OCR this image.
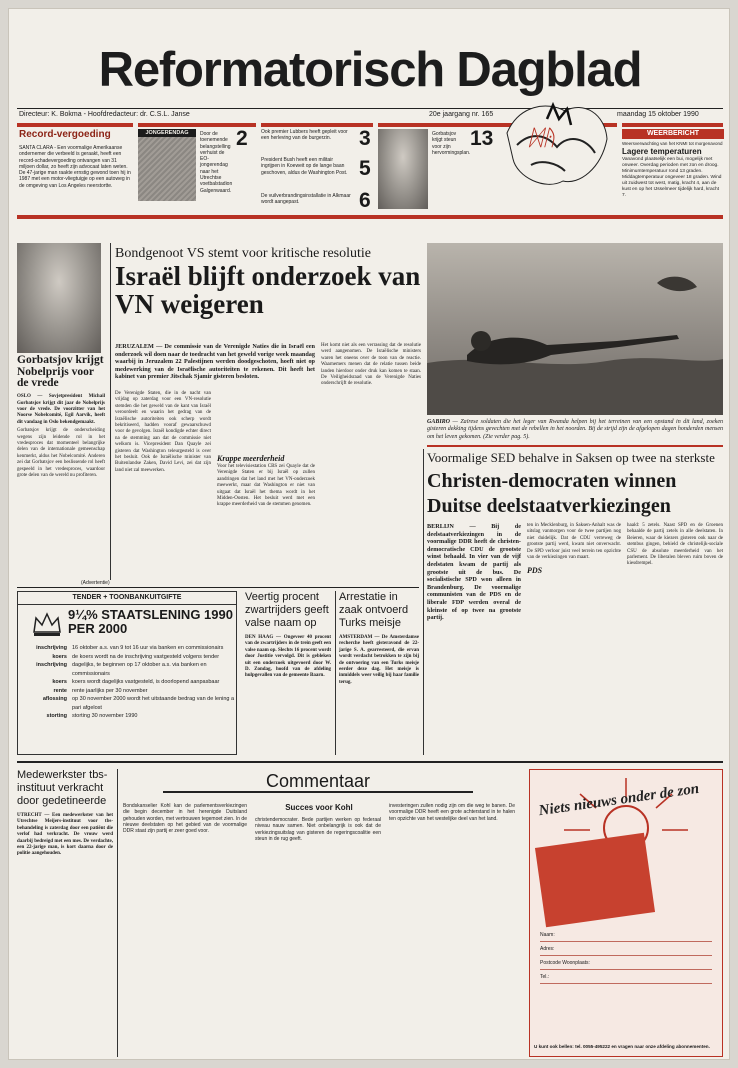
Reformatorisch Dagblad
Directeur: K. Bokma - Hoofdredacteur: dr. C.S.L. Janse	20e jaargang nr. 165	maandag 15 oktober 1990
Record-vergoeding
SANTA CLARA - Een voormalige Amerikaanse ondernemer die verbeeld is geraakt, heeft een record-schadevergoeding ontvangen van 31 miljoen dollar, zo heeft zijn advocaat laten weten. De 47-jarige man raakte ernstig gewond toen hij in 1987 met een motor-vliegtuigje op een autoweg in de omgeving van Los Angeles neerstortte.
JONGERENDAG	2
Door de toenemende belangstelling verhuist de EO-jongerendag naar het Utrechtse voetbalstadion Galgenwaard.
Ook premier Lubbers heeft gepleit voor een herleving van de burgerzin.	3
President Bush heeft een militair ingrijpen in Koeweit op de lange baan geschoven, aldus de Washington Post. 5
De vuilverbrandingsinstallatie in Alkmaar wordt aangepast.	6
Gorbatsjov krijgt steun voor zijn hervormingsplan.
13 ᛞᚤ	WEERBERICHT
Weersverwachting van het KNMI tot morgenavond
Lagere temperaturen
Vanavond plaatselijk een bui, mogelijk met onweer. Overdag perioden met zon en droog. Minimumtemperatuur rond 13 graden. Middagtemperatuur ongeveer 18 graden. Wind uit zuidwest tot west, matig, kracht 4, aan de kust en op het IJsselmeer tijdelijk hard, kracht 7.
Gorbatsjov krijgt Nobelprijs voor de vrede
OSLO — Sovjetpresident Michail Gorbatsjov krijgt dit jaar de Nobelprijs voor de vrede. De voorzitter van het Noorse Nobelcomité, Egil Aarvik, heeft dit vandaag in Oslo bekendgemaakt.
Gorbatsjov krijgt de onderscheiding wegens zijn leidende rol in het vredesproces dat momenteel belangrijke delen van de internationale gemeenschap kenmerkt, aldus het Nobelcomité. Anderen zei dat Gorbatsjov een beslissende rol heeft gespeeld in het vredesproces, waardoor grote delen van de wereld nu profiteren.
Bondgenoot VS stemt voor kritische resolutie
Israël blijft onderzoek van VN weigeren
JERUZALEM — De commissie van de Verenigde Naties die in Israël een onderzoek wil doen naar de toedracht van het geweld vorige week maandag waarbij in Jeruzalem 22 Palestijnen werden doodgeschoten, hoeft niet op medewerking van de Israëlische autoriteiten te rekenen. Dit heeft het kabinet van premier Jitschak Sjamir gisteren besloten.
De Verenigde Staten, die in de nacht van vrijdag op zaterdag voor een VN-resolutie stemden die het geweld van de kant van Israël veroordeelt en waarin het gedrag van de Israëlische autoriteiten ook scherp wordt bekritiseerd, hadden vooraf gewaarschuwd voor de gevolgen. Israël kondigde echter direct na de stemming aan dat de commissie niet welkom is. Vicepresident Dan Quayle zei gisteren dat Washington teleurgesteld is over het besluit. Ook de Israëlische minister van Buitenlandse Zaken, David Levi, zei dat zijn land niet zal meewerken.
Krappe meerderheid
Voor het televisiestation CBS zei Quayle dat de Verenigde Staten er bij Israël op zullen aandringen dat het land met het VN-onderzoek meewerkt, maar dat Washington er niet van uitgaat dat Israël het thema wordt in het Midden-Oosten. Het besluit werd met een krappe meerderheid van de stemmen genomen.
Het komt niet als een verrassing dat de resolutie werd aangenomen. De Israëlische ministers waren het oneens over de toon van de reactie. Waarnemers menen dat de relatie tussen beide landen hierdoor onder druk kan komen te staan. De Veiligheidsraad van de Verenigde Naties onderschrijft de resolutie.
GABIRO — Zaïrese soldaten die het leger van Rwanda helpen bij het terreinen van een opstand in dit land, zoeken gisteren dekking tijdens gevechten met de rebellen in het noorden. Bij de strijd zijn de afgelopen dagen honderden mensen om het leven gekomen. (Zie verder pag. 5).
Voormalige SED behalve in Saksen op twee na sterkste
Christen-democraten winnen Duitse deelstaatverkiezingen
BERLIJN — Bij de deelstaatverkiezingen in de voormalige DDR heeft de christen-democratische CDU de grootste winst behaald. In vier van de vijf deelstaten kwam de partij als grootste uit de bus. De socialistische SPD won alleen in Brandenburg. De voormalige communisten van de PDS en de liberale FDP werden overal de kleinste of op twee na grootste partij.
ten in Mecklenburg, in Saksen-Anhalt was de uitslag vanmorgen voor de twee partijen nog niet duidelijk. Dat de CDU verreweg de grootste partij werd, kwam niet onverwacht. De SPD verloor juist veel terrein ten opzichte van de verkiezingen van maart.
PDS
haald: 5 zetels. Naast SPD en de Groenen behaalde de partij zetels in alle deelstaten. In Beieren, waar de kiezers gisteren ook naar de stembus gingen, behield de christelijk-sociale CSU de absolute meerderheid van het parlement. De liberalen bleven ruim boven de kiesdrempel.
(Advertentie)
TENDER + TOONBANKUITGIFTE
9¼% STAATSLENING 1990 PER 2000
inschrijving 16 oktober a.s. van 9 tot 16 uur via banken en commissionairs
koers de koers wordt na de inschrijving vastgesteld volgens tender
inschrijving dagelijks, te beginnen op 17 oktober a.s. via banken en commissionairs
koers koers wordt dagelijks vastgesteld, is doorlopend aanpasbaar
rente rente jaarlijks per 30 november
aflossing op 30 november 2000 wordt het uitstaande bedrag van de lening a pari afgelost
storting storting 30 november 1990
Veertig procent zwartrijders geeft valse naam op
DEN HAAG — Ongeveer 40 procent van de zwartrijders in de trein geeft een valse naam op. Slechts 16 procent wordt door Justitie vervolgd. Dit is gebleken uit een onderzoek uitgevoerd door W. D. Zondag, hoofd van de afdeling hulpgevallen van de gemeente Baarn.
Arrestatie in zaak ontvoerd Turks meisje
AMSTERDAM — De Amsterdamse recherche heeft gisteravond de 22-jarige S. A. gearresteerd, die ervan wordt verdacht betrokken te zijn bij de ontvoering van een Turks meisje eerder deze dag. Het meisje is inmiddels weer veilig bij haar familie terug.
Medewerkster tbs-instituut verkracht door gedetineerde
UTRECHT — Een medewerkster van het Utrechtse Meijers-instituut voor tbs-behandeling is zaterdag door een patiënt die verlof had verkracht. De vrouw werd daarbij bedreigd met een mes. De verdachte, een 22-jarige man, is kort daarna door de politie aangehouden.
Commentaar
Succes voor Kohl
Bondskanselier Kohl kan de parlementsverkiezingen die begin december in het herenigde Duitsland gehouden worden, met vertrouwen tegemoet zien. In de nieuwe deelstaten op het gebied van de voormalige DDR staat zijn partij er zeer goed voor.
christendemocrater. Bede partijen werken op federaal niveau nauw samen. Niet onbelangrijk is ook dat de verkiezingsuitslag van gisteren de regeringscoalitie een steun in de rug geeft.
investeringen zullen nodig zijn om die weg te banen. De voormalige DDR heeft een grote achterstand in te halen ten opzichte van het westelijke deel van het land.	Niets nieuws onder de zon
Naam:
Adres:
Postcode Woonplaats:
Tel.:
U kunt ook bellen: tel. 0055-495222 en vragen naar onze afdeling abonnementen.
